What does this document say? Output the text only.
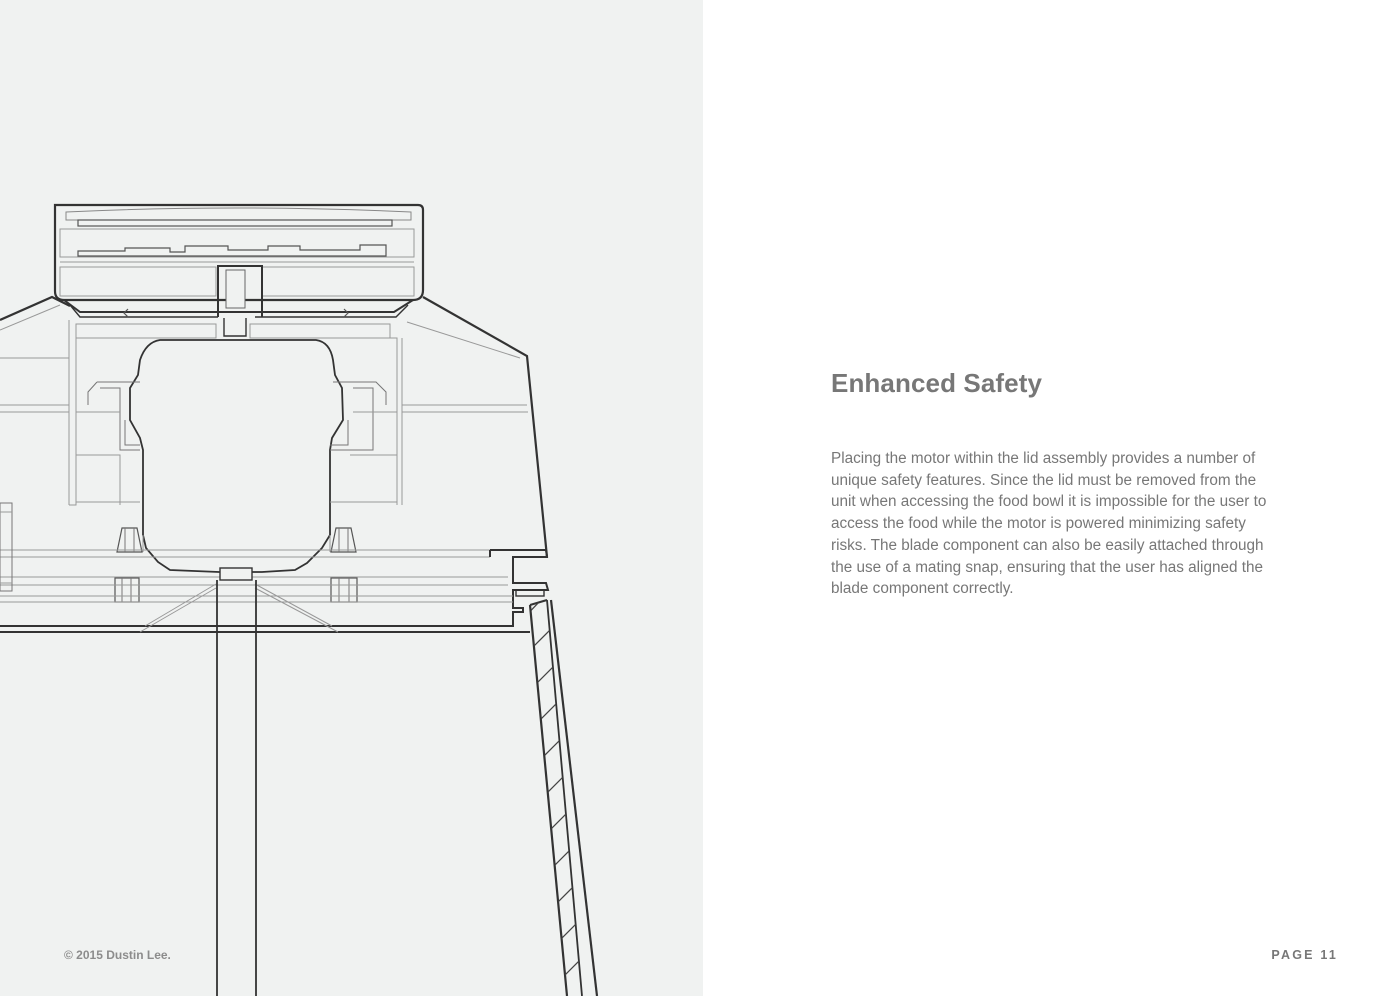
© 2015 Dustin Lee.
Enhanced Safety

Placing the motor within the lid assembly provides a number of unique safety features. Since the lid must be removed from the unit when accessing the food bowl it is impossible for the user to access the food while the motor is powered minimizing safety risks. The blade component can also be easily attached through the use of a mating snap, ensuring that the user has aligned the blade component correctly.

PAGE 11
